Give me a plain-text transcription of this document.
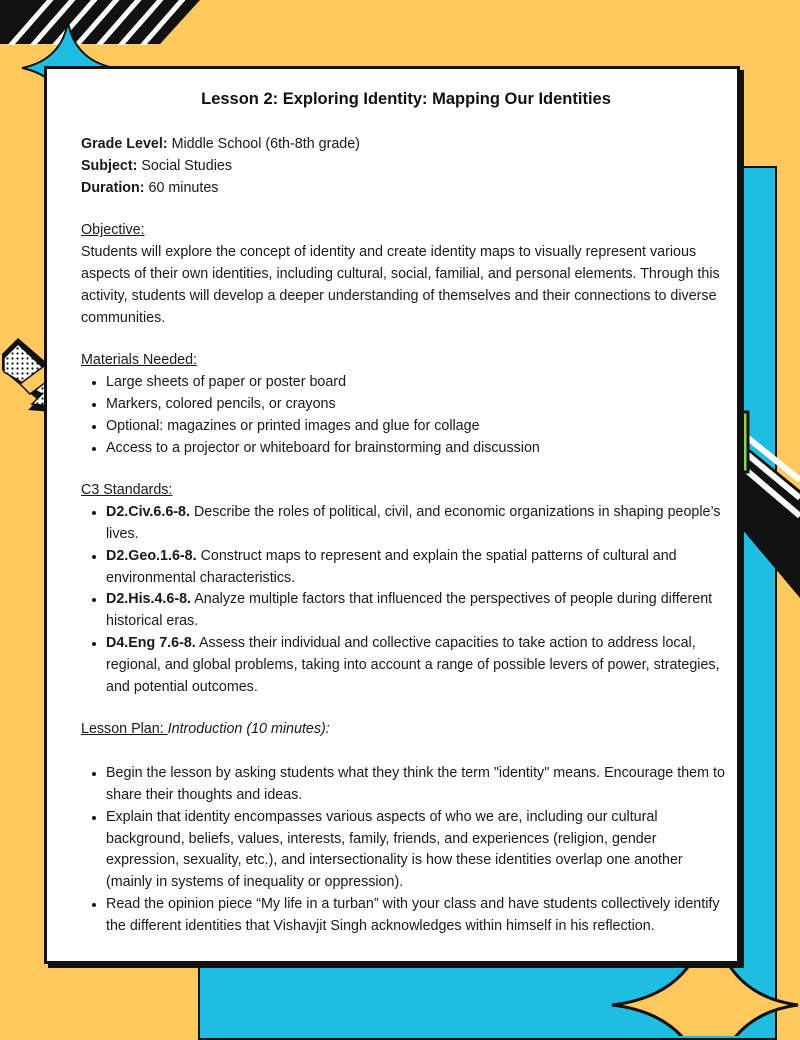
Lesson 2: Exploring Identity: Mapping Our Identities

Grade Level: Middle School (6th-8th grade)

Subject: Social Studies

Duration: 60 minutes

Objective:

Students will explore the concept of identity and create identity maps to visually represent various aspects of their own identities, including cultural, social, familial, and personal elements. Through this activity, students will develop a deeper understanding of themselves and their connections to diverse communities.

Materials Needed:

• Large sheets of paper or poster board
• Markers, colored pencils, or crayons
• Optional: magazines or printed images and glue for collage
• Access to a projector or whiteboard for brainstorming and discussion

C3 Standards:

• D2.Civ.6.6-8. Describe the roles of political, civil, and economic organizations in shaping people’s lives.
• D2.Geo.1.6-8. Construct maps to represent and explain the spatial patterns of cultural and environmental characteristics.
• D2.His.4.6-8. Analyze multiple factors that influenced the perspectives of people during different historical eras.
• D4.Eng 7.6-8. Assess their individual and collective capacities to take action to address local, regional, and global problems, taking into account a range of possible levers of power, strategies, and potential outcomes.

Lesson Plan: Introduction (10 minutes):

• Begin the lesson by asking students what they think the term "identity" means. Encourage them to share their thoughts and ideas.
• Explain that identity encompasses various aspects of who we are, including our cultural background, beliefs, values, interests, family, friends, and experiences (religion, gender expression, sexuality, etc.), and intersectionality is how these identities overlap one another (mainly in systems of inequality or oppression).
• Read the opinion piece “My life in a turban” with your class and have students collectively identify the different identities that Vishavjit Singh acknowledges within himself in his reflection.
